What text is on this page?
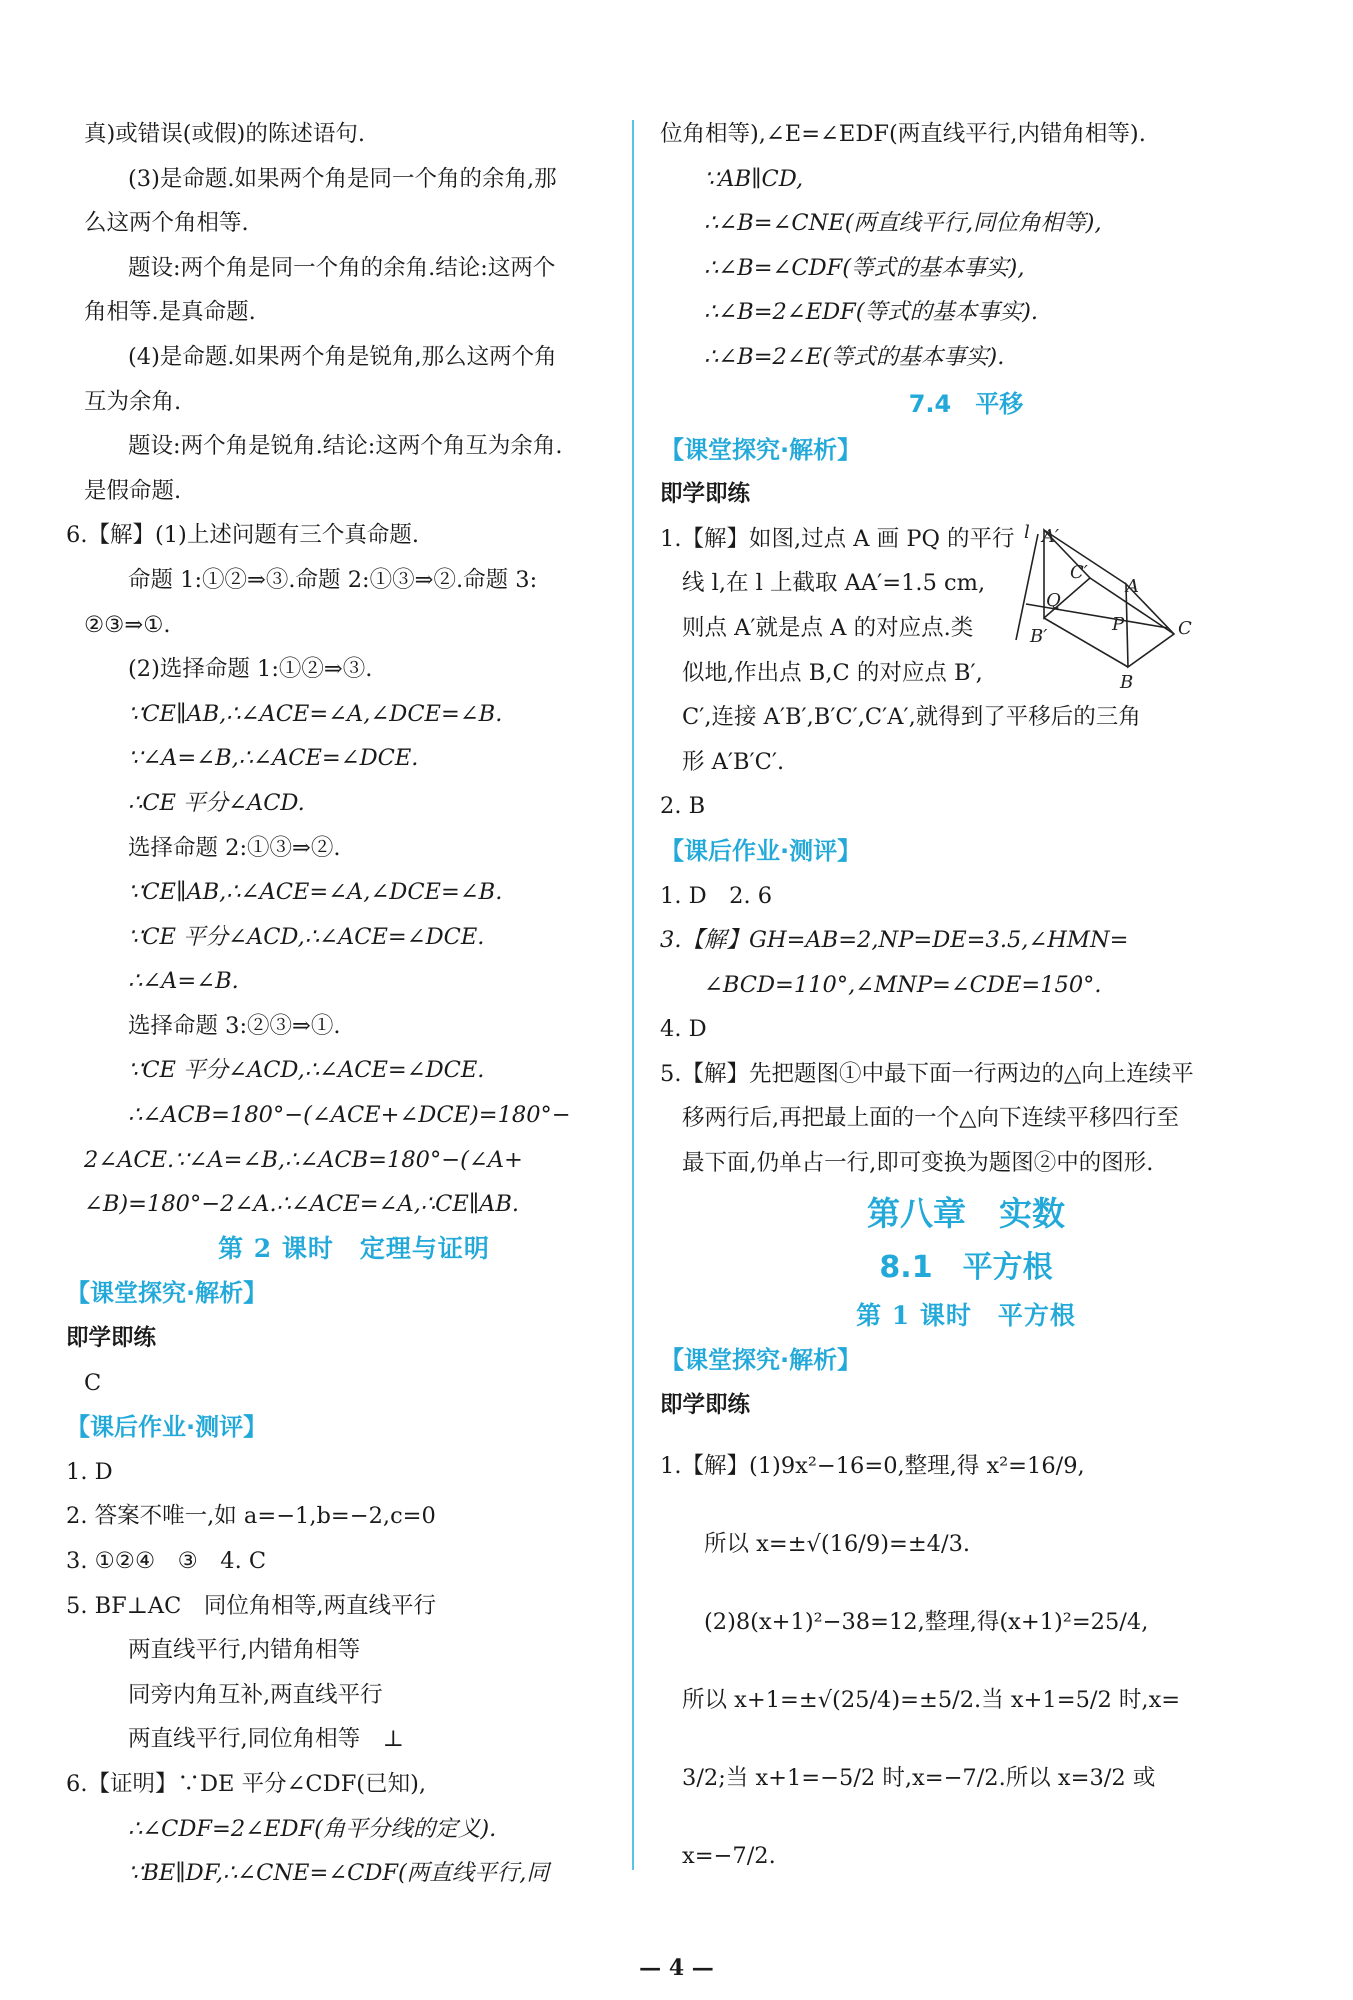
真)或错误(或假)的陈述语句.
(3)是命题.如果两个角是同一个角的余角,那
么这两个角相等.
题设:两个角是同一个角的余角.结论:这两个
角相等.是真命题.
(4)是命题.如果两个角是锐角,那么这两个角
互为余角.
题设:两个角是锐角.结论:这两个角互为余角.
是假命题.
6.【解】(1)上述问题有三个真命题.
命题 1:①②⇒③.命题 2:①③⇒②.命题 3:
②③⇒①.
(2)选择命题 1:①②⇒③.
∵CE∥AB,∴∠ACE=∠A,∠DCE=∠B.
∵∠A=∠B,∴∠ACE=∠DCE.
∴CE 平分∠ACD.
选择命题 2:①③⇒②.
∵CE∥AB,∴∠ACE=∠A,∠DCE=∠B.
∵CE 平分∠ACD,∴∠ACE=∠DCE.
∴∠A=∠B.
选择命题 3:②③⇒①.
∵CE 平分∠ACD,∴∠ACE=∠DCE.
∴∠ACB=180°−(∠ACE+∠DCE)=180°−
2∠ACE.∵∠A=∠B,∴∠ACB=180°−(∠A+
∠B)=180°−2∠A.∴∠ACE=∠A,∴CE∥AB.
第 2 课时　定理与证明
【课堂探究·解析】
即学即练
C
【课后作业·测评】
1. D
2. 答案不唯一,如 a=−1,b=−2,c=0
3. ①②④　③　4. C
5. BF⊥AC　同位角相等,两直线平行
两直线平行,内错角相等
同旁内角互补,两直线平行
两直线平行,同位角相等　⊥
6.【证明】∵DE 平分∠CDF(已知),
∴∠CDF=2∠EDF(角平分线的定义).
∵BE∥DF,∴∠CNE=∠CDF(两直线平行,同
位角相等),∠E=∠EDF(两直线平行,内错角相等).
∵AB∥CD,
∴∠B=∠CNE(两直线平行,同位角相等),
∴∠B=∠CDF(等式的基本事实),
∴∠B=2∠EDF(等式的基本事实).
∴∠B=2∠E(等式的基本事实).
7.4　平移
【课堂探究·解析】
即学即练
1.【解】如图,过点 A 画 PQ 的平行
线 l,在 l 上截取 AA′=1.5 cm,
则点 A′就是点 A 的对应点.类
似地,作出点 B,C 的对应点 B′,
C′,连接 A′B′,B′C′,C′A′,就得到了平移后的三角
形 A′B′C′.
2. B
【课后作业·测评】
1. D　2. 6
3.【解】GH=AB=2,NP=DE=3.5,∠HMN=
∠BCD=110°,∠MNP=∠CDE=150°.
4. D
5.【解】先把题图①中最下面一行两边的△向上连续平
移两行后,再把最上面的一个△向下连续平移四行至
最下面,仍单占一行,即可变换为题图②中的图形.
第八章　实数
8.1　平方根
第 1 课时　平方根
【课堂探究·解析】
即学即练
1.【解】(1)9x²−16=0,整理,得 x²=16/9,
所以 x=±√(16/9)=±4/3.
(2)8(x+1)²−38=12,整理,得(x+1)²=25/4,
所以 x+1=±√(25/4)=±5/2.当 x+1=5/2 时,x=
3/2;当 x+1=−5/2 时,x=−7/2.所以 x=3/2 或
x=−7/2.
l A′
C′
A
Q
P	C
B′
B
— 4 —
